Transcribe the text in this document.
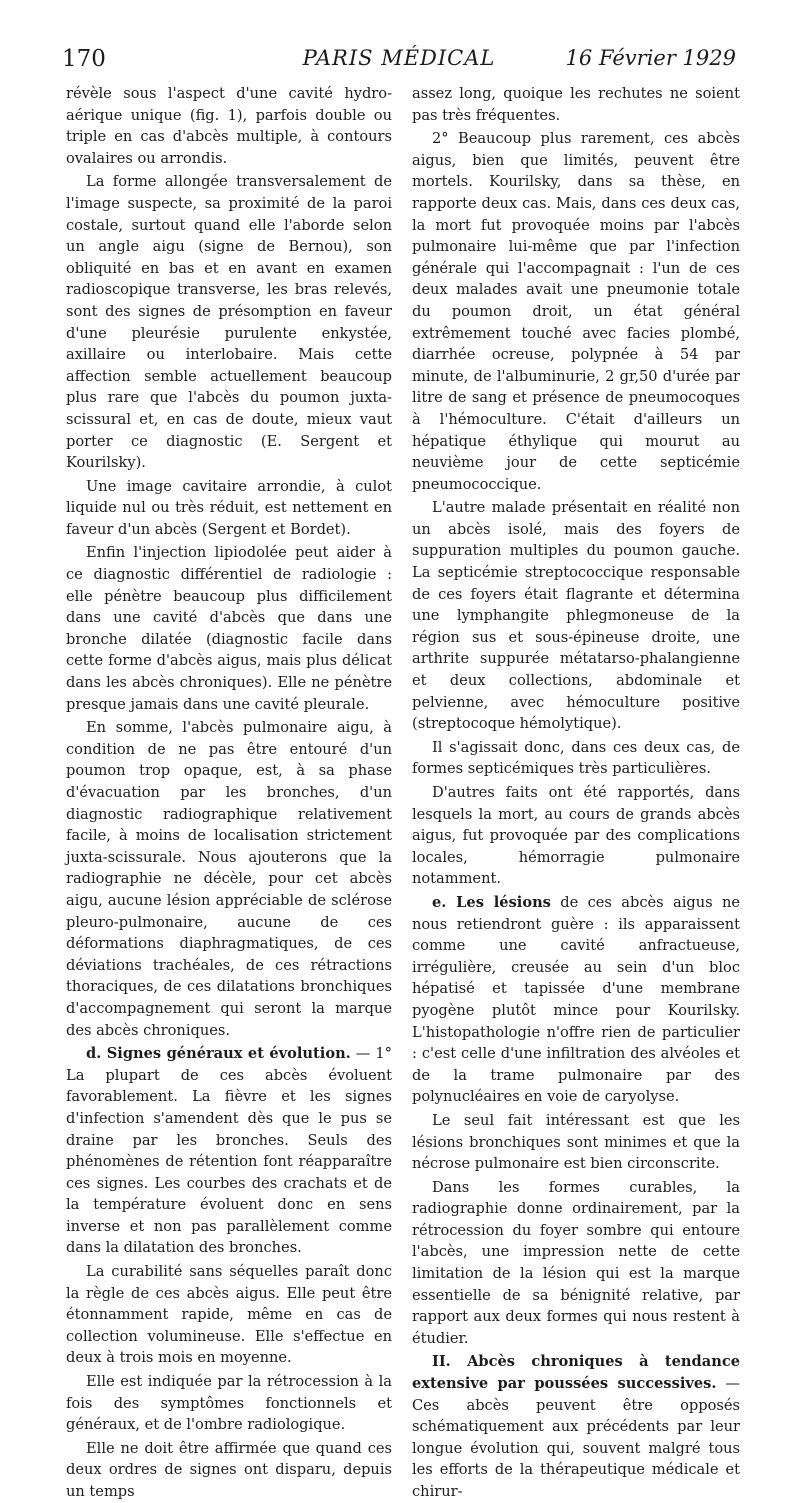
170	PARIS MÉDICAL	16 Février 1929

révèle sous l'aspect d'une cavité hydro-aérique unique (fig. 1), parfois double ou triple en cas d'abcès multiple, à contours ovalaires ou arrondis.

La forme allongée transversalement de l'image suspecte, sa proximité de la paroi costale, surtout quand elle l'aborde selon un angle aigu (signe de Bernou), son obliquité en bas et en avant en examen radioscopique transverse, les bras relevés, sont des signes de présomption en faveur d'une pleurésie purulente enkystée, axillaire ou interlobaire. Mais cette affection semble actuellement beaucoup plus rare que l'abcès du poumon juxta-scissural et, en cas de doute, mieux vaut porter ce diagnostic (E. Sergent et Kourilsky).

Une image cavitaire arrondie, à culot liquide nul ou très réduit, est nettement en faveur d'un abcès (Sergent et Bordet).

Enfin l'injection lipiodolée peut aider à ce diagnostic différentiel de radiologie : elle pénètre beaucoup plus difficilement dans une cavité d'abcès que dans une bronche dilatée (diagnostic facile dans cette forme d'abcès aigus, mais plus délicat dans les abcès chroniques). Elle ne pénètre presque jamais dans une cavité pleurale.

En somme, l'abcès pulmonaire aigu, à condition de ne pas être entouré d'un poumon trop opaque, est, à sa phase d'évacuation par les bronches, d'un diagnostic radiographique relativement facile, à moins de localisation strictement juxta-scissurale. Nous ajouterons que la radiographie ne décèle, pour cet abcès aigu, aucune lésion appréciable de sclérose pleuro-pulmonaire, aucune de ces déformations diaphragmatiques, de ces déviations trachéales, de ces rétractions thoraciques, de ces dilatations bronchiques d'accompagnement qui seront la marque des abcès chroniques.

d. Signes généraux et évolution. — 1° La plupart de ces abcès évoluent favorablement. La fièvre et les signes d'infection s'amendent dès que le pus se draine par les bronches. Seuls des phénomènes de rétention font réapparaître ces signes. Les courbes des crachats et de la température évoluent donc en sens inverse et non pas parallèlement comme dans la dilatation des bronches.

La curabilité sans séquelles paraît donc la règle de ces abcès aigus. Elle peut être étonnamment rapide, même en cas de collection volumineuse. Elle s'effectue en deux à trois mois en moyenne.

Elle est indiquée par la rétrocession à la fois des symptômes fonctionnels et généraux, et de l'ombre radiologique.

Elle ne doit être affirmée que quand ces deux ordres de signes ont disparu, depuis un temps

assez long, quoique les rechutes ne soient pas très fréquentes.

2° Beaucoup plus rarement, ces abcès aigus, bien que limités, peuvent être mortels. Kourilsky, dans sa thèse, en rapporte deux cas. Mais, dans ces deux cas, la mort fut provoquée moins par l'abcès pulmonaire lui-même que par l'infection générale qui l'accompagnait : l'un de ces deux malades avait une pneumonie totale du poumon droit, un état général extrêmement touché avec facies plombé, diarrhée ocreuse, polypnée à 54 par minute, de l'albuminurie, 2 gr,50 d'urée par litre de sang et présence de pneumocoques à l'hémoculture. C'était d'ailleurs un hépatique éthylique qui mourut au neuvième jour de cette septicémie pneumococcique.

L'autre malade présentait en réalité non un abcès isolé, mais des foyers de suppuration multiples du poumon gauche. La septicémie streptococcique responsable de ces foyers était flagrante et détermina une lymphangite phlegmoneuse de la région sus et sous-épineuse droite, une arthrite suppurée métatarso-phalangienne et deux collections, abdominale et pelvienne, avec hémoculture positive (streptocoque hémolytique).

Il s'agissait donc, dans ces deux cas, de formes septicémiques très particulières.

D'autres faits ont été rapportés, dans lesquels la mort, au cours de grands abcès aigus, fut provoquée par des complications locales, hémorragie pulmonaire notamment.

e. Les lésions de ces abcès aigus ne nous retiendront guère : ils apparaissent comme une cavité anfractueuse, irrégulière, creusée au sein d'un bloc hépatisé et tapissée d'une membrane pyogène plutôt mince pour Kourilsky. L'histopathologie n'offre rien de particulier : c'est celle d'une infiltration des alvéoles et de la trame pulmonaire par des polynucléaires en voie de caryolyse.

Le seul fait intéressant est que les lésions bronchiques sont minimes et que la nécrose pulmonaire est bien circonscrite.

Dans les formes curables, la radiographie donne ordinairement, par la rétrocession du foyer sombre qui entoure l'abcès, une impression nette de cette limitation de la lésion qui est la marque essentielle de sa bénignité relative, par rapport aux deux formes qui nous restent à étudier.

II. Abcès chroniques à tendance extensive par poussées successives. — Ces abcès peuvent être opposés schématiquement aux précédents par leur longue évolution qui, souvent malgré tous les efforts de la thérapeutique médicale et chirur-
